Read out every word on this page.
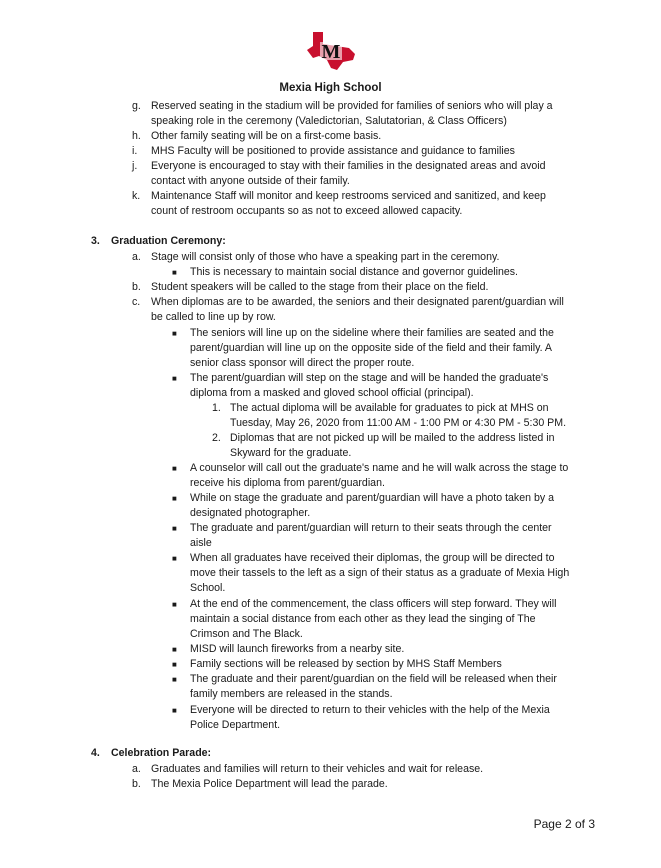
M
Mexia High School
g. Reserved seating in the stadium will be provided for families of seniors who will play a
speaking role in the ceremony (Valedictorian, Salutatorian, & Class Officers)
h. Other family seating will be on a first-come basis.
i. MHS Faculty will be positioned to provide assistance and guidance to families
j. Everyone is encouraged to stay with their families in the designated areas and avoid
contact with anyone outside of their family.
k. Maintenance Staff will monitor and keep restrooms serviced and sanitized, and keep
count of restroom occupants so as not to exceed allowed capacity.
3. Graduation Ceremony:
a. Stage will consist only of those who have a speaking part in the ceremony.
■ This is necessary to maintain social distance and governor guidelines.
b. Student speakers will be called to the stage from their place on the field.
c. When diplomas are to be awarded, the seniors and their designated parent/guardian will
be called to line up by row.
■ The seniors will line up on the sideline where their families are seated and the
parent/guardian will line up on the opposite side of the field and their family. A
senior class sponsor will direct the proper route.
■ The parent/guardian will step on the stage and will be handed the graduate's
diploma from a masked and gloved school official (principal).
1. The actual diploma will be available for graduates to pick at MHS on
Tuesday, May 26, 2020 from 11:00 AM - 1:00 PM or 4:30 PM - 5:30 PM.
2. Diplomas that are not picked up will be mailed to the address listed in
Skyward for the graduate.
■ A counselor will call out the graduate's name and he will walk across the stage to
receive his diploma from parent/guardian.
■ While on stage the graduate and parent/guardian will have a photo taken by a
designated photographer.
■ The graduate and parent/guardian will return to their seats through the center
aisle
■ When all graduates have received their diplomas, the group will be directed to
move their tassels to the left as a sign of their status as a graduate of Mexia High
School.
■ At the end of the commencement, the class officers will step forward. They will
maintain a social distance from each other as they lead the singing of The
Crimson and The Black.
■ MISD will launch fireworks from a nearby site.
■ Family sections will be released by section by MHS Staff Members
■ The graduate and their parent/guardian on the field will be released when their
family members are released in the stands.
■ Everyone will be directed to return to their vehicles with the help of the Mexia
Police Department.
4. Celebration Parade:
a. Graduates and families will return to their vehicles and wait for release.
b. The Mexia Police Department will lead the parade.
Page 2 of 3
